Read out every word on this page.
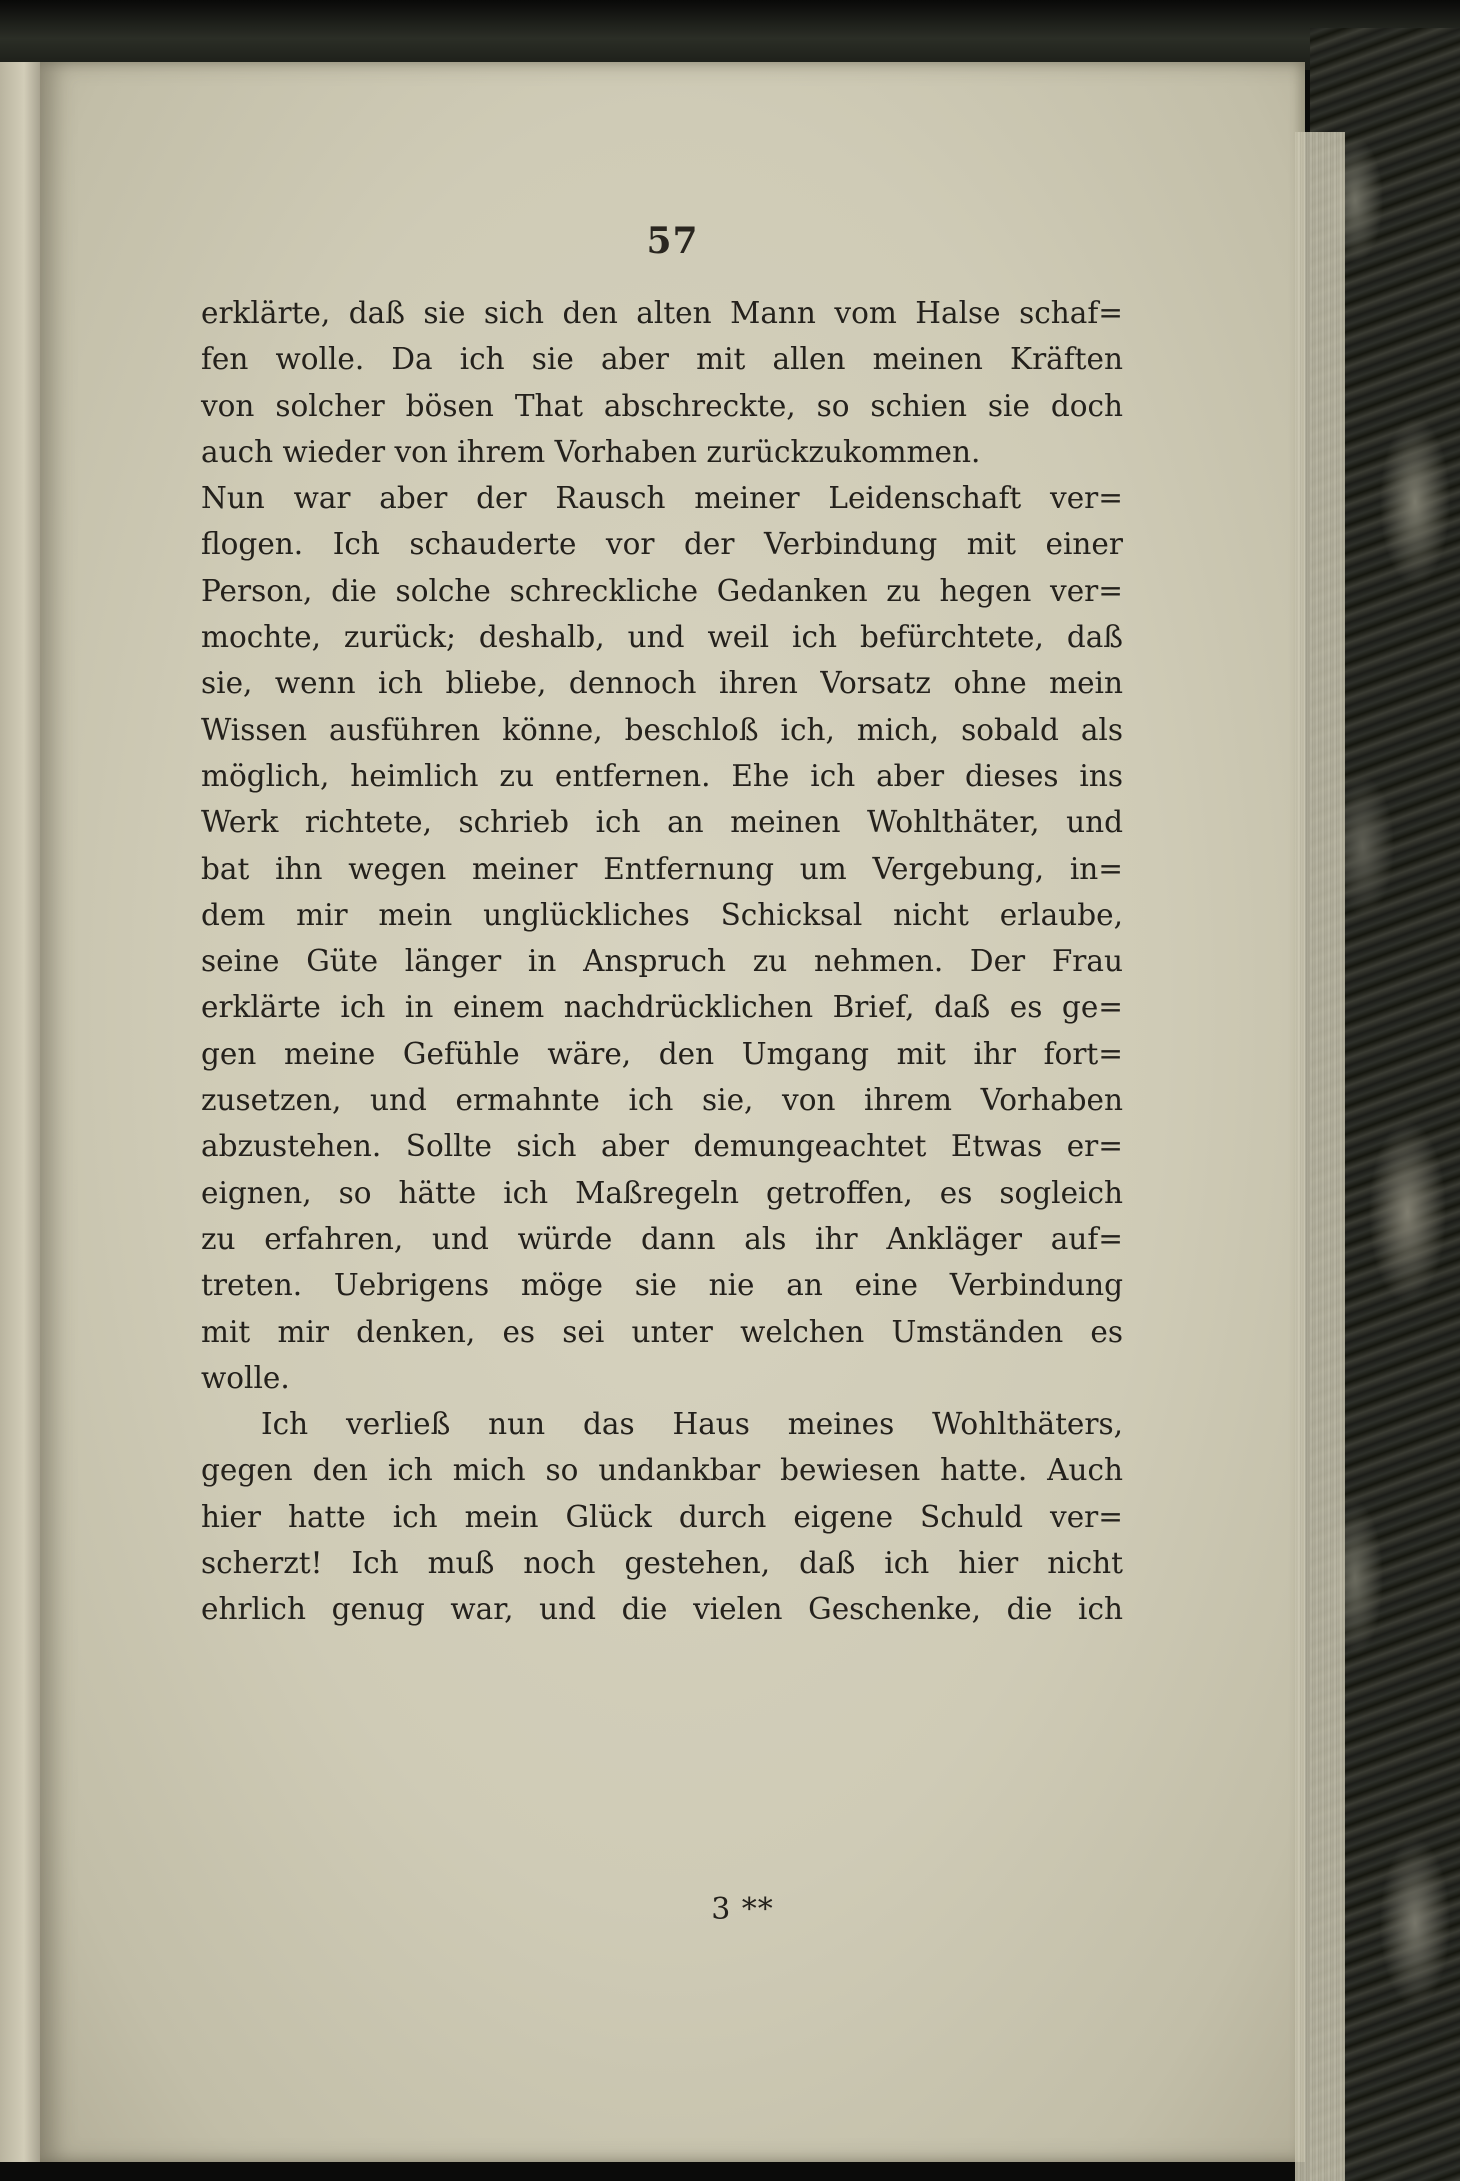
57
erklärte, daß sie sich den alten Mann vom Halse schaf=
fen wolle. Da ich sie aber mit allen meinen Kräften
von solcher bösen That abschreckte, so schien sie doch
auch wieder von ihrem Vorhaben zurückzukommen.
Nun war aber der Rausch meiner Leidenschaft ver=
flogen. Ich schauderte vor der Verbindung mit einer
Person, die solche schreckliche Gedanken zu hegen ver=
mochte, zurück; deshalb, und weil ich befürchtete, daß
sie, wenn ich bliebe, dennoch ihren Vorsatz ohne mein
Wissen ausführen könne, beschloß ich, mich, sobald als
möglich, heimlich zu entfernen. Ehe ich aber dieses ins
Werk richtete, schrieb ich an meinen Wohlthäter, und
bat ihn wegen meiner Entfernung um Vergebung, in=
dem mir mein unglückliches Schicksal nicht erlaube,
seine Güte länger in Anspruch zu nehmen. Der Frau
erklärte ich in einem nachdrücklichen Brief, daß es ge=
gen meine Gefühle wäre, den Umgang mit ihr fort=
zusetzen, und ermahnte ich sie, von ihrem Vorhaben
abzustehen. Sollte sich aber demungeachtet Etwas er=
eignen, so hätte ich Maßregeln getroffen, es sogleich
zu erfahren, und würde dann als ihr Ankläger auf=
treten. Uebrigens möge sie nie an eine Verbindung
mit mir denken, es sei unter welchen Umständen es
wolle.
Ich verließ nun das Haus meines Wohlthäters,
gegen den ich mich so undankbar bewiesen hatte. Auch
hier hatte ich mein Glück durch eigene Schuld ver=
scherzt! Ich muß noch gestehen, daß ich hier nicht
ehrlich genug war, und die vielen Geschenke, die ich
3 **
